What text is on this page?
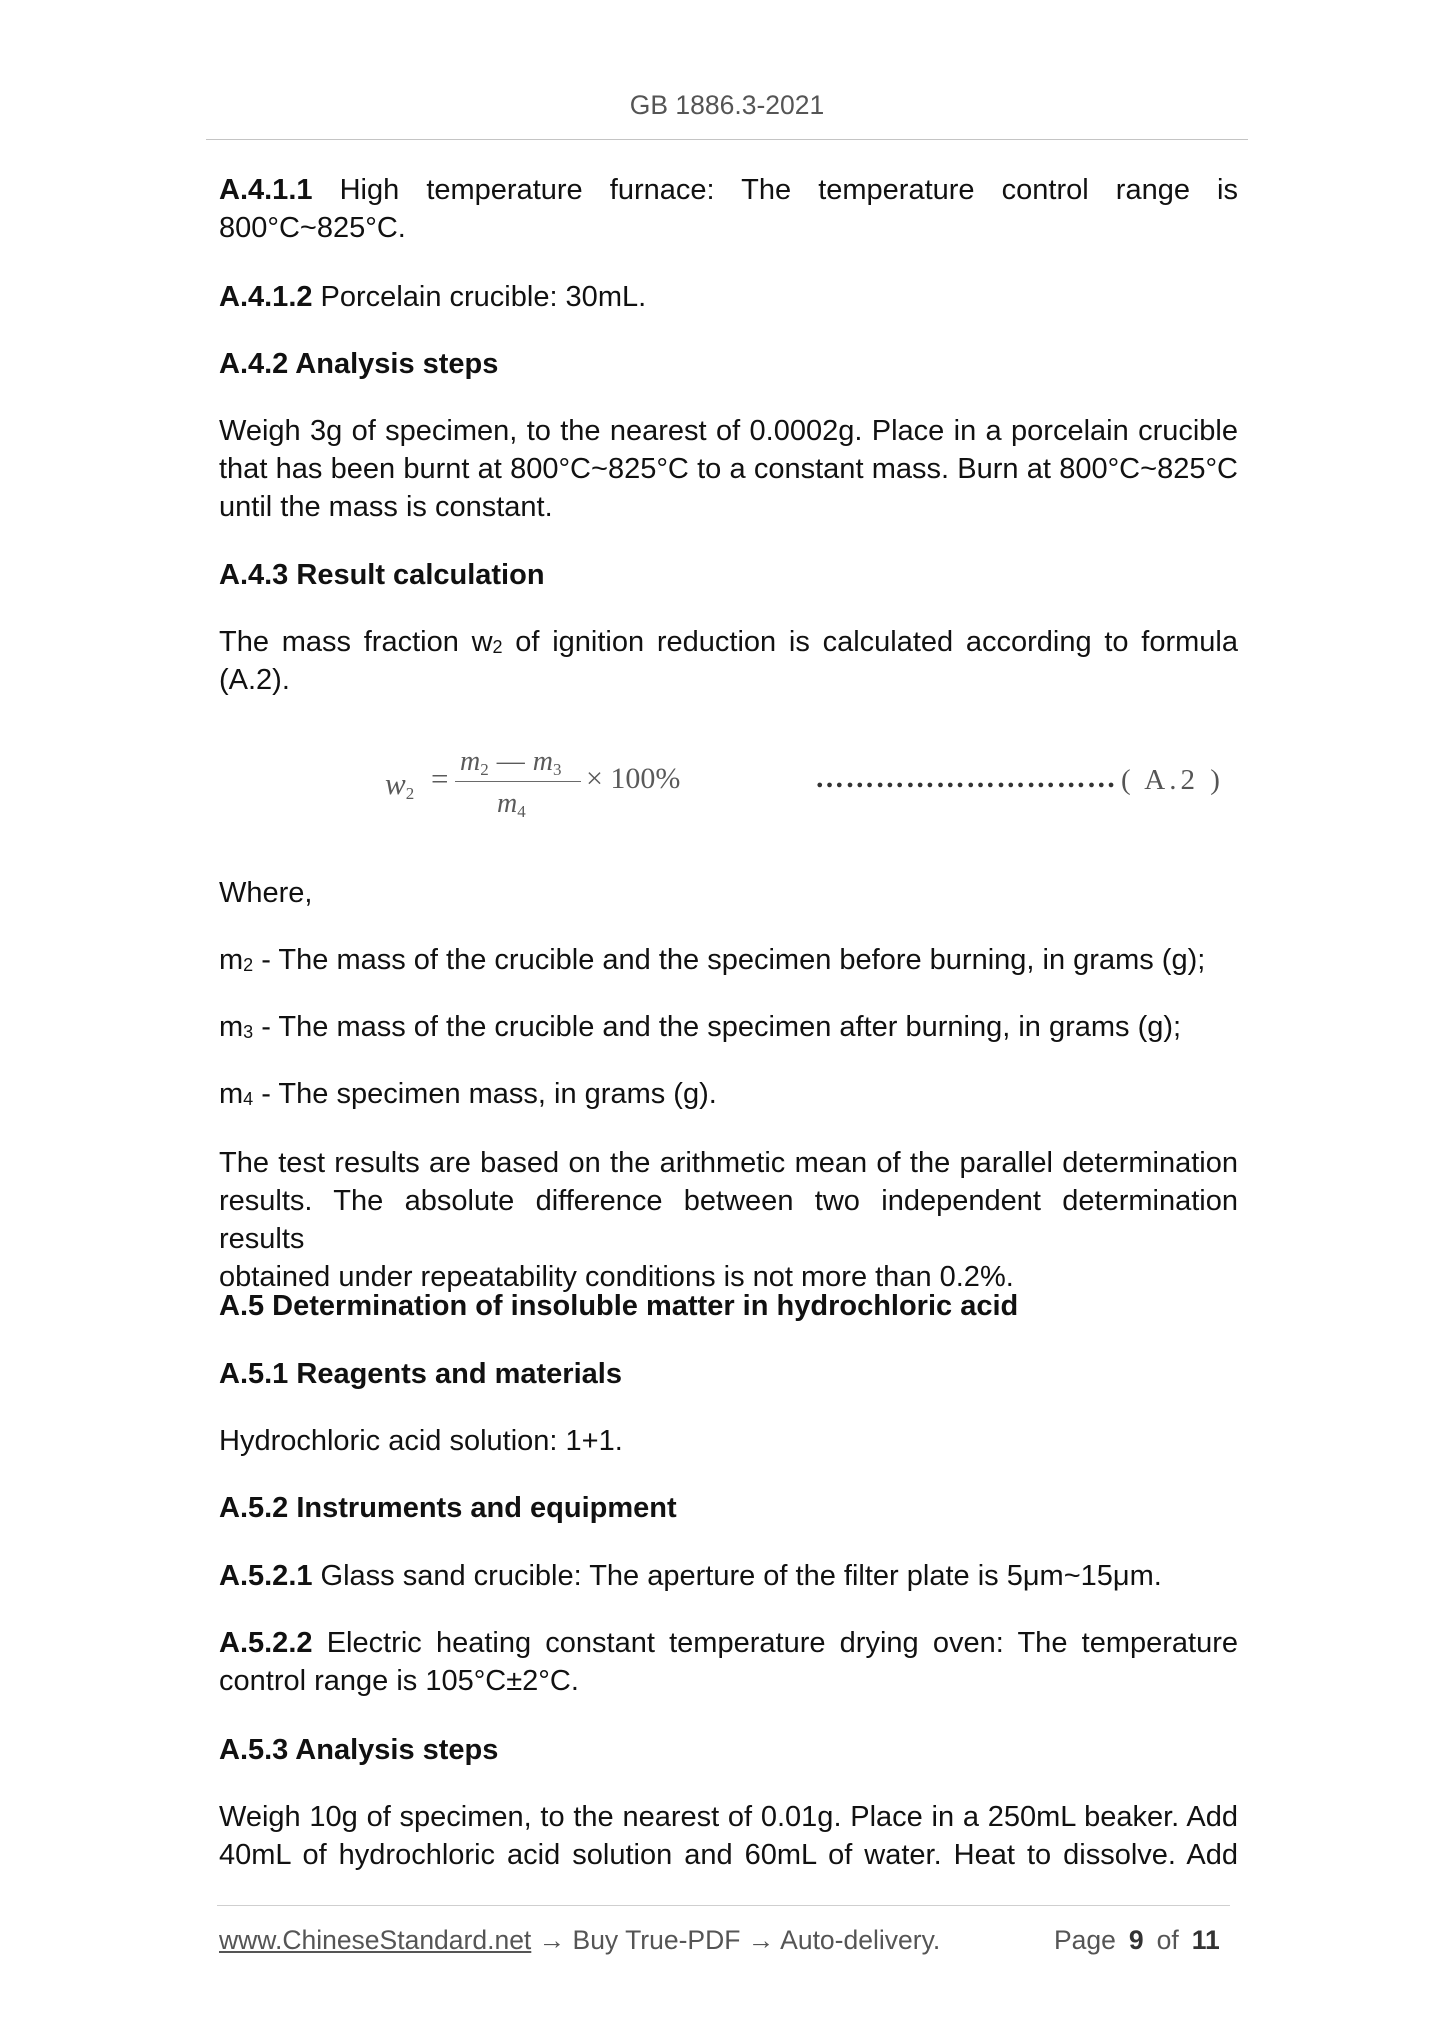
GB 1886.3-2021
A.4.1.1 High temperature furnace: The temperature control range is
800°C~825°C.
A.4.1.2 Porcelain crucible: 30mL.
A.4.2 Analysis steps
Weigh 3g of specimen, to the nearest of 0.0002g. Place in a porcelain crucible
that has been burnt at 800°C~825°C to a constant mass. Burn at 800°C~825°C
until the mass is constant.
A.4.3 Result calculation
The mass fraction w2 of ignition reduction is calculated according to formula
(A.2).
w2 = m2 — m3
m4
× 100%	………………………… ( A.2 )
Where,
m2 - The mass of the crucible and the specimen before burning, in grams (g);
m3 - The mass of the crucible and the specimen after burning, in grams (g);
m4 - The specimen mass, in grams (g).
The test results are based on the arithmetic mean of the parallel determination
results. The absolute difference between two independent determination results
obtained under repeatability conditions is not more than 0.2%.
A.5 Determination of insoluble matter in hydrochloric acid
A.5.1 Reagents and materials
Hydrochloric acid solution: 1+1.
A.5.2 Instruments and equipment
A.5.2.1 Glass sand crucible: The aperture of the filter plate is 5μm~15μm.
A.5.2.2 Electric heating constant temperature drying oven: The temperature
control range is 105°C±2°C.
A.5.3 Analysis steps
Weigh 10g of specimen, to the nearest of 0.01g. Place in a 250mL beaker. Add
40mL of hydrochloric acid solution and 60mL of water. Heat to dissolve. Add
www.ChineseStandard.net → Buy True-PDF → Auto-delivery.	Page 9 of 11
